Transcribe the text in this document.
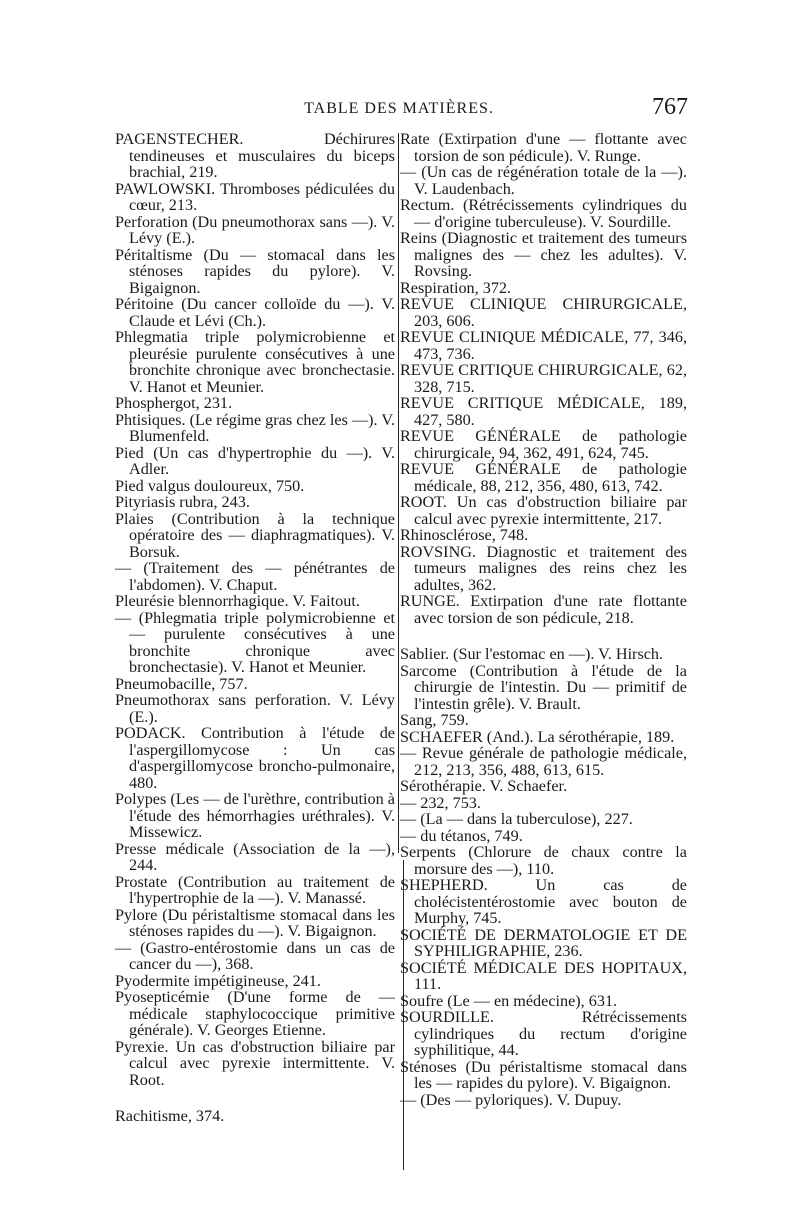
TABLE DES MATIÈRES.	767

PAGENSTECHER. Déchirures tendineuses et musculaires du biceps brachial, 219.

PAWLOWSKI. Thromboses pédiculées du cœur, 213.

Perforation (Du pneumothorax sans —). V. Lévy (E.).

Péritaltisme (Du — stomacal dans les sténoses rapides du pylore). V. Bigaignon.

Péritoine (Du cancer colloïde du —). V. Claude et Lévi (Ch.).

Phlegmatia triple polymicrobienne et pleurésie purulente consécutives à une bronchite chronique avec bronchectasie. V. Hanot et Meunier.

Phosphergot, 231.

Phtisiques. (Le régime gras chez les —). V. Blumenfeld.

Pied (Un cas d'hypertrophie du —). V. Adler.

Pied valgus douloureux, 750.

Pityriasis rubra, 243.

Plaies (Contribution à la technique opératoire des — diaphragmatiques). V. Borsuk.

— (Traitement des — pénétrantes de l'abdomen). V. Chaput.

Pleurésie blennorrhagique. V. Faitout.

— (Phlegmatia triple polymicrobienne et — purulente consécutives à une bronchite chronique avec bronchectasie). V. Hanot et Meunier.

Pneumobacille, 757.

Pneumothorax sans perforation. V. Lévy (E.).

PODACK. Contribution à l'étude de l'aspergillomycose : Un cas d'aspergillomycose broncho-pulmonaire, 480.

Polypes (Les — de l'urèthre, contribution à l'étude des hémorrhagies uréthrales). V. Missewicz.

Presse médicale (Association de la —), 244.

Prostate (Contribution au traitement de l'hypertrophie de la —). V. Manassé.

Pylore (Du péristaltisme stomacal dans les sténoses rapides du —). V. Bigaignon.

— (Gastro-entérostomie dans un cas de cancer du —), 368.

Pyodermite impétigineuse, 241.

Pyosepticémie (D'une forme de — médicale staphylococcique primitive générale). V. Georges Etienne.

Pyrexie. Un cas d'obstruction biliaire par calcul avec pyrexie intermittente. V. Root.

Rachitisme, 374.

Rate (Extirpation d'une — flottante avec torsion de son pédicule). V. Runge.

— (Un cas de régénération totale de la —). V. Laudenbach.

Rectum. (Rétrécissements cylindriques du — d'origine tuberculeuse). V. Sourdille.

Reins (Diagnostic et traitement des tumeurs malignes des — chez les adultes). V. Rovsing.

Respiration, 372.

REVUE CLINIQUE CHIRURGICALE, 203, 606.

REVUE CLINIQUE MÉDICALE, 77, 346, 473, 736.

REVUE CRITIQUE CHIRURGICALE, 62, 328, 715.

REVUE CRITIQUE MÉDICALE, 189, 427, 580.

REVUE GÉNÉRALE de pathologie chirurgicale, 94, 362, 491, 624, 745.

REVUE GÉNÉRALE de pathologie médicale, 88, 212, 356, 480, 613, 742.

ROOT. Un cas d'obstruction biliaire par calcul avec pyrexie intermittente, 217.

Rhinosclérose, 748.

ROVSING. Diagnostic et traitement des tumeurs malignes des reins chez les adultes, 362.

RUNGE. Extirpation d'une rate flottante avec torsion de son pédicule, 218.

Sablier. (Sur l'estomac en —). V. Hirsch.

Sarcome (Contribution à l'étude de la chirurgie de l'intestin. Du — primitif de l'intestin grêle). V. Brault.

Sang, 759.

SCHAEFER (And.). La sérothérapie, 189.

— Revue générale de pathologie médicale, 212, 213, 356, 488, 613, 615.

Sérothérapie. V. Schaefer.

— 232, 753.

— (La — dans la tuberculose), 227.

— du tétanos, 749.

Serpents (Chlorure de chaux contre la morsure des —), 110.

SHEPHERD. Un cas de cholécistentérostomie avec bouton de Murphy, 745.

SOCIÉTÉ DE DERMATOLOGIE ET DE SYPHILIGRAPHIE, 236.

SOCIÉTÉ MÉDICALE DES HOPITAUX, 111.

Soufre (Le — en médecine), 631.

SOURDILLE. Rétrécissements cylindriques du rectum d'origine syphilitique, 44.

Sténoses (Du péristaltisme stomacal dans les — rapides du pylore). V. Bigaignon.

— (Des — pyloriques). V. Dupuy.
